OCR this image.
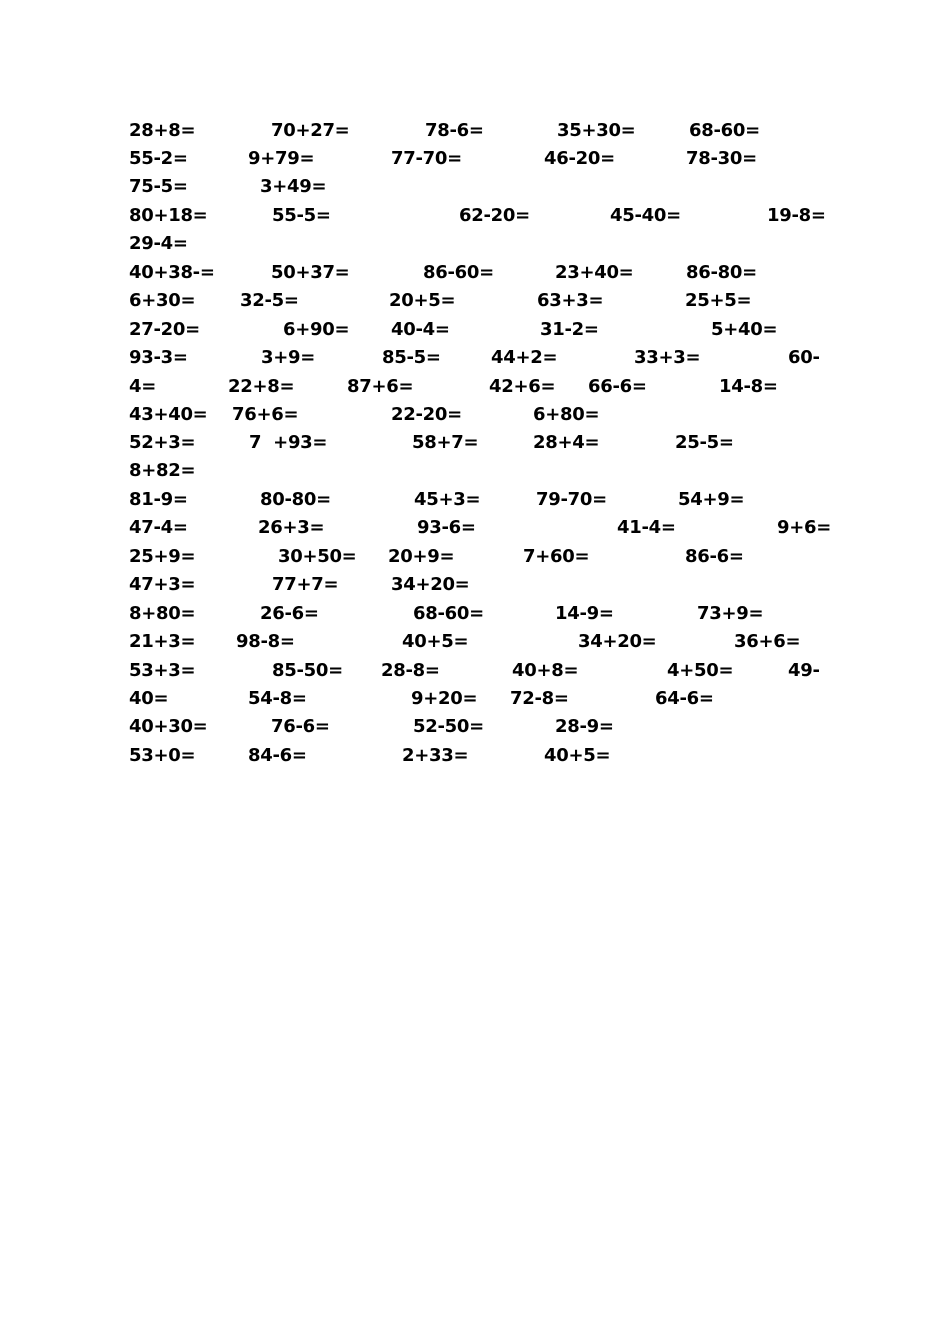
28+8=	70+27=	78-6=	35+30=	68-60=
55-2=	9+79=	77-70=	46-20=	78-30=
75-5=	3+49=
80+18=	55-5=	62-20=	45-40=	19-8=
29-4=
40+38-=	50+37=	86-60=	23+40=	86-80=
6+30= 32-5=	20+5=	63+3=	25+5=
27-20=	6+90= 40-4=	31-2=	5+40=
93-3=	3+9=	85-5=	44+2=	33+3=	60-
4=	22+8=	87+6=	42+6= 66-6=	14-8=
43+40= 76+6=	22-20=	6+80=
52+3=	7  +93=	58+7=	28+4=	25-5=
8+82=
81-9=	80-80=	45+3=	79-70=	54+9=
47-4=	26+3=	93-6=	41-4=	9+6=
25+9=	30+50= 20+9=	7+60=	86-6=
47+3=	77+7=	34+20=
8+80=	26-6=	68-60=	14-9=	73+9=
21+3= 98-8=	40+5=	34+20=	36+6=
53+3=	85-50= 28-8=	40+8=	4+50=	49-
40=	54-8=	9+20= 72-8=	64-6=
40+30=	76-6=	52-50=	28-9=
53+0=	84-6=	2+33=	40+5=
